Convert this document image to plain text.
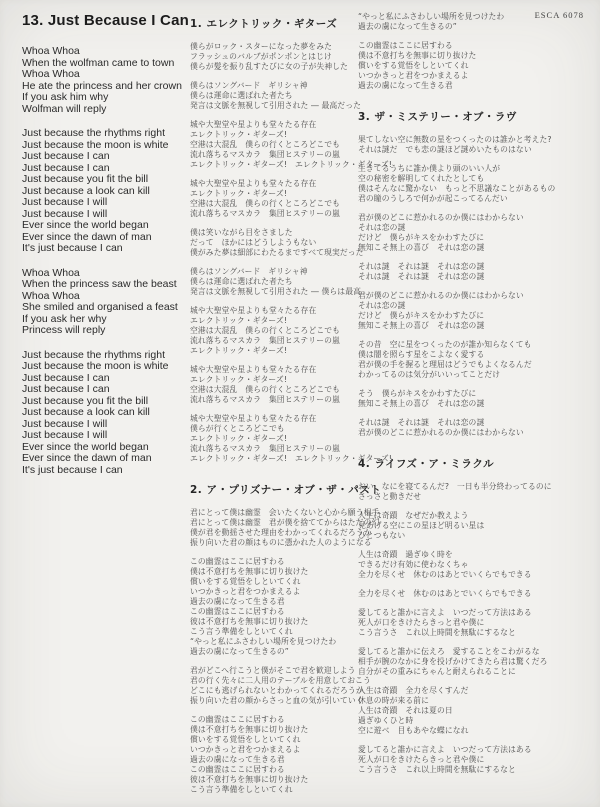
ESCA 6078
13. Just Because I Can
Whoa Whoa
When the wolfman came to town
Whoa Whoa
He ate the princess and her crown
If you ask him why
Wolfman will reply
Just because the rhythms right
Just because the moon is white
Just because I can
Just because I can
Just because you fit the bill
Just because a look can kill
Just because I will
Just because I will
Ever since the world began
Ever since the dawn of man
It's just because I can
Whoa Whoa
When the princess saw the beast
Whoa Whoa
She smiled and organised a feast
If you ask her why
Princess will reply
Just because the rhythms right
Just because the moon is white
Just because I can
Just because I can
Just because you fit the bill
Just because a look can kill
Just because I will
Just because I will
Ever since the world began
Ever since the dawn of man
It's just because I can
1. エレクトリック・ギターズ
僕らがロック・スターになった夢をみた
フラッシュのバルブがポンポンとはじけ
僕らが髪を振り乱すたびに女の子が失神した
僕らはソングバード　ギリシャ神
僕らは運命に選ばれた者たち
発言は文脈を無視して引用された ― 最高だった
城や大聖堂や星よりも堂々たる存在
エレクトリック・ギターズ!
空港は大混乱　僕らの行くところどこでも
流れ落ちるマスカラ　集団ヒステリーの嵐
エレクトリック・ギターズ!　エレクトリック・ギターズ!
城や大聖堂や星よりも堂々たる存在
エレクトリック・ギターズ!
空港は大混乱　僕らの行くところどこでも
流れ落ちるマスカラ　集団ヒステリーの嵐
僕は笑いながら目をさました
だって　ほかにはどうしようもない
僕がみた夢は細部にわたるまですべて現実だった
僕らはソングバード　ギリシャ神
僕らは運命に選ばれた者たち
発言は文脈を無視して引用された ― 僕らは最高
城や大聖堂や星よりも堂々たる存在
エレクトリック・ギターズ!
空港は大混乱　僕らの行くところどこでも
流れ落ちるマスカラ　集団ヒステリーの嵐
エレクトリック・ギターズ!
城や大聖堂や星よりも堂々たる存在
エレクトリック・ギターズ!
空港は大混乱　僕らの行くところどこでも
流れ落ちるマスカラ　集団ヒステリーの嵐
城や大聖堂や星よりも堂々たる存在
僕らが行くところどこでも
エレクトリック・ギターズ!
流れ落ちるマスカラ　集団ヒステリーの嵐
エレクトリック・ギターズ!　エレクトリック・ギターズ!
2. ア・プリズナー・オブ・ザ・パスト
君にとって僕は幽霊　会いたくないと心から願う相手
君にとって僕は幽霊　君が僕を捨ててからはただの幻
僕が君を動揺させた理由をわかってくれるだろうか
振り向いた君の顔はものに憑かれた人のようになる
この幽霊はここに居すわる
僕は不意打ちを無事に切り抜けた
償いをする覚悟をしといてくれ
いつかきっと君をつかまえるよ
過去の虜になって生きる君
この幽霊はここに居すわる
彼は不意打ちを無事に切り抜けた
こう言う準備をしといてくれ
“やっと私にふさわしい場所を見つけたわ
過去の虜になって生きるの”
君がどこへ行こうと僕がそこで君を歓迎しよう
君の行く先々に二人用のテーブルを用意しておこう
どこにも逃げられないとわかってくれるだろうか
振り向いた君の顔からさっと血の気が引いていく
この幽霊はここに居すわる
僕は不意打ちを無事に切り抜けた
償いをする覚悟をしといてくれ
いつかきっと君をつかまえるよ
過去の虜になって生きる君
この幽霊はここに居すわる
彼は不意打ちを無事に切り抜けた
こう言う準備をしといてくれ
“やっと私にふさわしい場所を見つけたわ
過去の虜になって生きるの”
この幽霊はここに居すわる
僕は不意打ちを無事に切り抜けた
償いをする覚悟をしといてくれ
いつかきっと君をつかまえるよ
過去の虜になって生きる君
3. ザ・ミステリー・オブ・ラヴ
果てしない空に無数の星をつくったのは誰かと考えた?
それは謎だ　でも恋の謎ほど謎めいたものはない
生きてるうちに誰か僕より頭のいい人が
空の秘密を解明してくれたとしても
僕はそんなに驚かない　もっと不思議なことがあるもの
君の瞳のうしろで何かが起こってるんだい
君が僕のどこに惹かれるのか僕にはわからない
それは恋の謎
だけど　僕らがキスをかわすたびに
無知こそ無上の喜び　それは恋の謎
それは謎　それは謎　それは恋の謎
それは謎　それは謎　それは恋の謎
君が僕のどこに惹かれるのか僕にはわからない
それは恋の謎
だけど　僕らがキスをかわすたびに
無知こそ無上の喜び　それは恋の謎
その昔　空に星をつくったのが誰か知らなくても
僕は闇を照らす星をこよなく愛する
君が僕の手を握ると理屈はどうでもよくなるんだ
わかってるのは気分がいいってことだけ
そう　僕らがキスをかわすたびに
無知こそ無上の喜び　それは恋の謎
それは謎　それは謎　それは恋の謎
君が僕のどこに惹かれるのか僕にはわからない
4. ライフズ・ア・ミラクル
おい　なにを寝てるんだ?　一日も半分終わってるのに
さっさと動きだせ
人生は奇蹟　なぜだか教えよう
見あげる空にこの星ほど明るい星は
ひとつもない
人生は奇蹟　過ぎゆく時を
できるだけ有効に使わなくちゃ
全力を尽くせ　休むのはあとでいくらでもできる
全力を尽くせ　休むのはあとでいくらでもできる
愛してると誰かに言えよ　いつだって方法はある
死人が口をきけたらきっと君や僕に
こう言うさ　これ以上時間を無駄にするなと
愛してると誰かに伝えろ　愛することをこわがるな
相手が腕のなかに身を投げかけてきたら君は驚くだろ
自分がその重みにちゃんと耐えられることに
人生は奇蹟　全力を尽くすんだ
休息の時が来る前に
人生は奇蹟　それは夏の日
過ぎゆくひと時
空に遊べ　目もあやな蝶になれ
愛してると誰かに言えよ　いつだって方法はある
死人が口をきけたらきっと君や僕に
こう言うさ　これ以上時間を無駄にするなと
